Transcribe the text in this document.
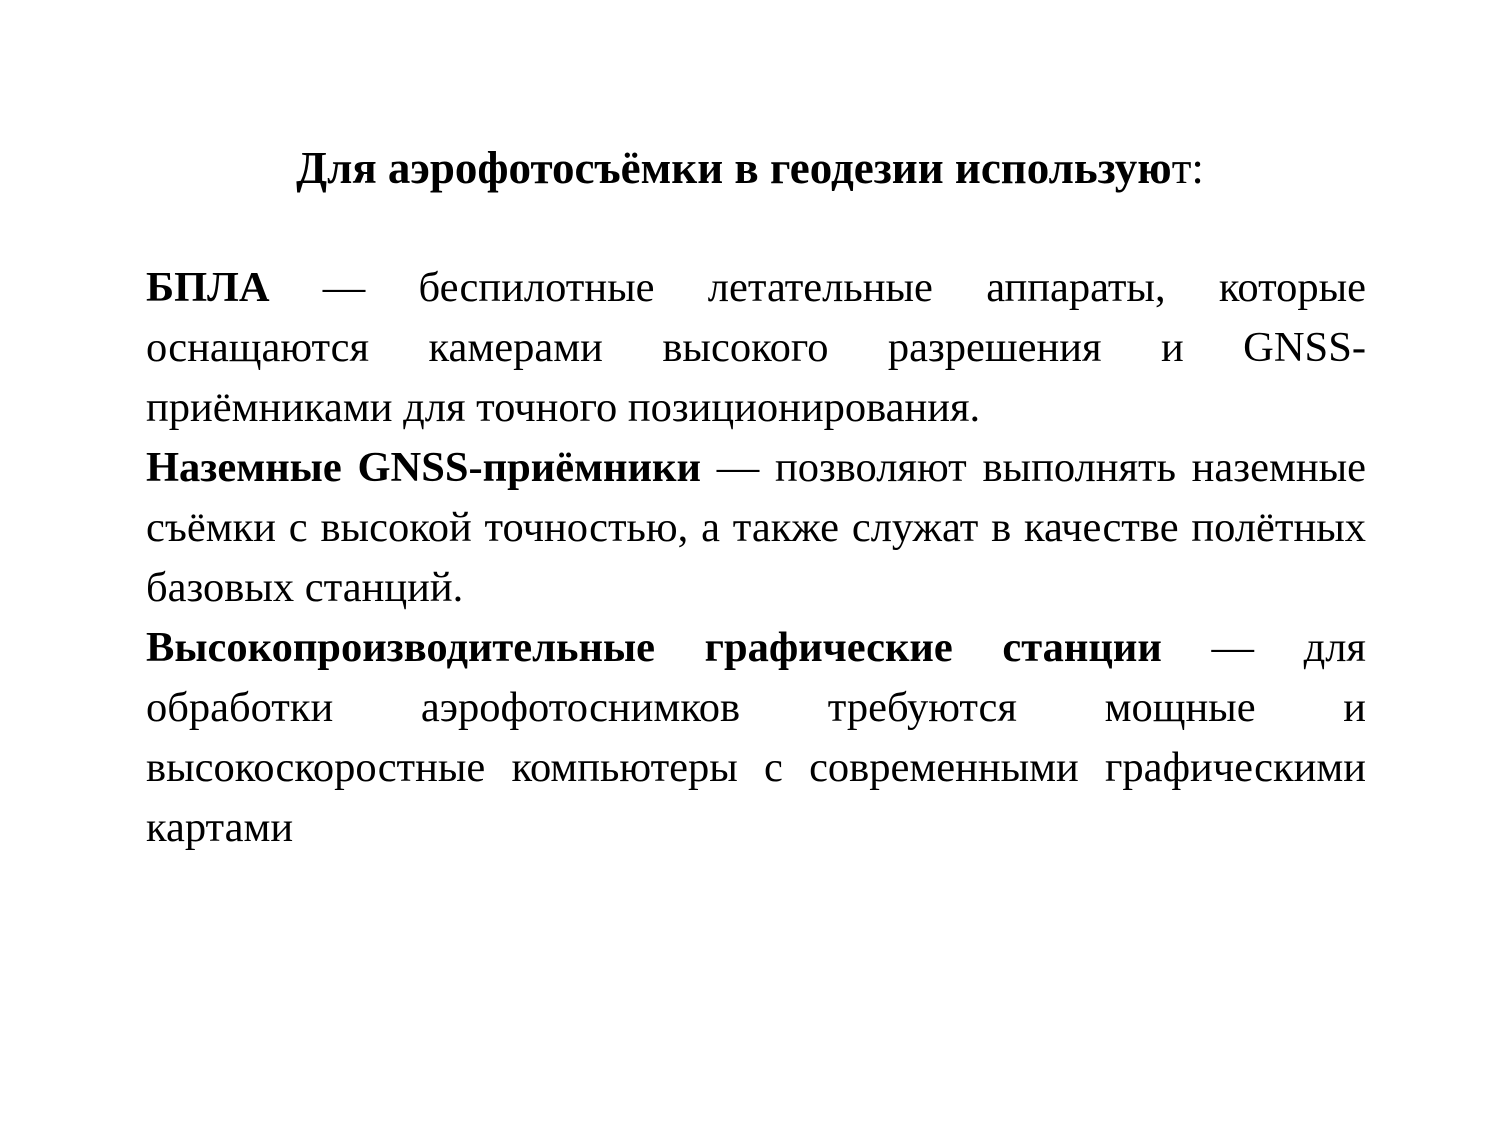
Для аэрофотосъёмки в геодезии используют:

БПЛА — беспилотные летательные аппараты, которые оснащаются камерами высокого разрешения и GNSS-приёмниками для точного позиционирования.

Наземные GNSS-приёмники — позволяют выполнять наземные съёмки с высокой точностью, а также служат в качестве полётных базовых станций.

Высокопроизводительные графические станции — для обработки аэрофотоснимков требуются мощные и высокоскоростные компьютеры с современными графическими картами
